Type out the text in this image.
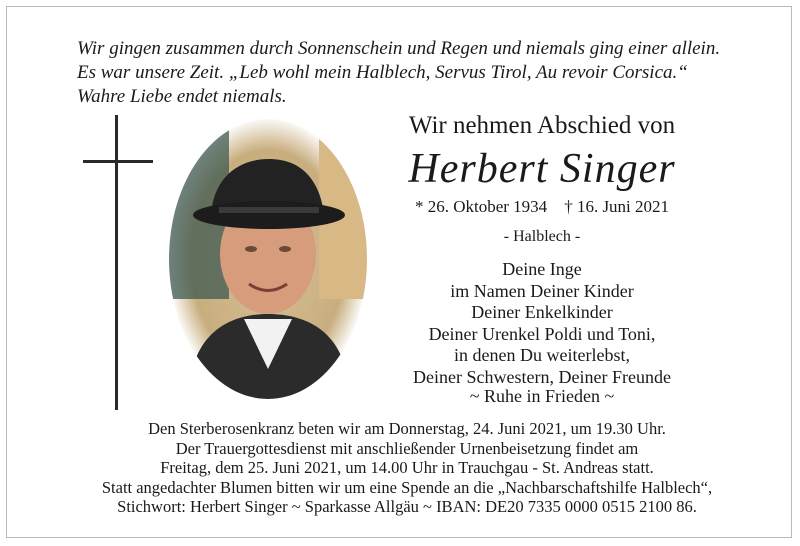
Wir gingen zusammen durch Sonnenschein und Regen und niemals ging einer allein.
Es war unsere Zeit. „Leb wohl mein Halblech, Servus Tirol, Au revoir Corsica.“
Wahre Liebe endet niemals.
Wir nehmen Abschied von
Herbert Singer
* 26. Oktober 1934 † 16. Juni 2021
- Halblech -
Deine Inge
im Namen Deiner Kinder
Deiner Enkelkinder
Deiner Urenkel Poldi und Toni,
in denen Du weiterlebst,
Deiner Schwestern, Deiner Freunde
~ Ruhe in Frieden ~
Den Sterberosenkranz beten wir am Donnerstag, 24. Juni 2021, um 19.30 Uhr.
Der Trauergottesdienst mit anschließender Urnenbeisetzung findet am
Freitag, dem 25. Juni 2021, um 14.00 Uhr in Trauchgau - St. Andreas statt.
Statt angedachter Blumen bitten wir um eine Spende an die „Nachbarschaftshilfe Halblech“,
Stichwort: Herbert Singer ~ Sparkasse Allgäu ~ IBAN: DE20 7335 0000 0515 2100 86.
